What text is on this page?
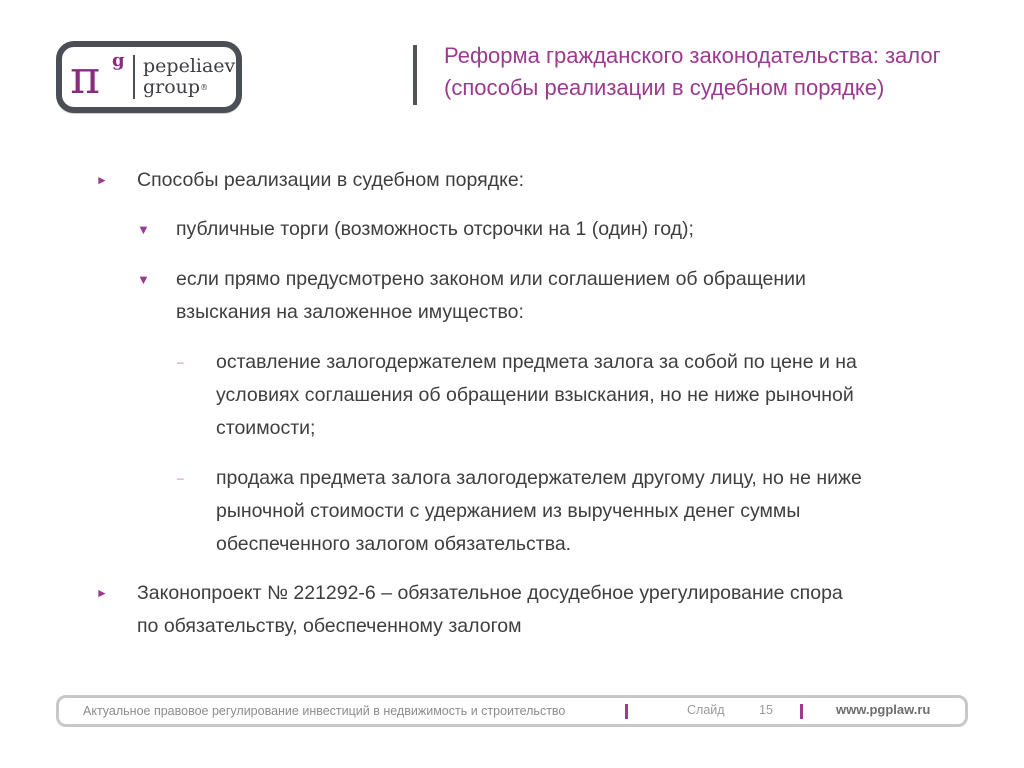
π g pepeliaev
group®
Реформа гражданского законодательства: залог (способы реализации в судебном порядке)
► Способы реализации в судебном порядке:
▼ публичные торги (возможность отсрочки на 1 (один) год);
▼ если прямо предусмотрено законом или соглашением об обращении
взыскания на заложенное имущество:
– оставление залогодержателем предмета залога за собой по цене и на
условиях соглашения об обращении взыскания, но не ниже рыночной
стоимости;
– продажа предмета залога залогодержателем другому лицу, но не ниже
рыночной стоимости с удержанием из вырученных денег суммы
обеспеченного залогом обязательства.
► Законопроект № 221292-6 – обязательное досудебное урегулирование спора
по обязательству, обеспеченному залогом
Актуальное правовое регулирование инвестиций в недвижимость и строительство	Слайд	15	www.pgplaw.ru
